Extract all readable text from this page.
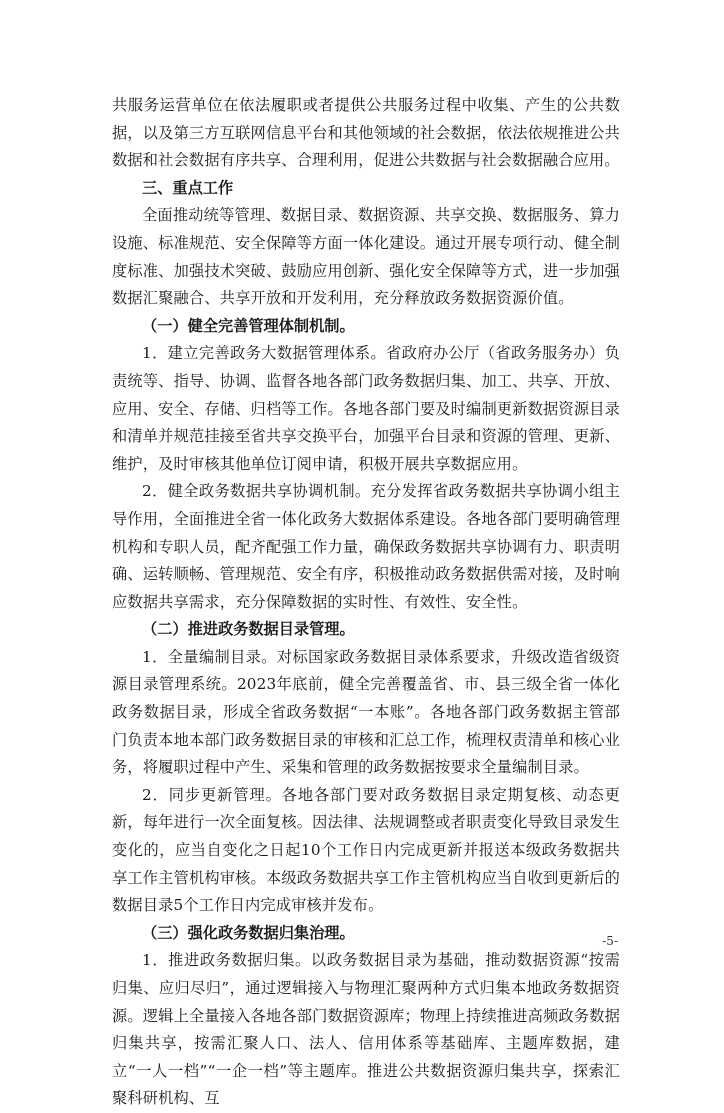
共服务运营单位在依法履职或者提供公共服务过程中收集、产生的公共数据，以及第三方互联网信息平台和其他领域的社会数据，依法依规推进公共数据和社会数据有序共享、合理利用，促进公共数据与社会数据融合应用。

三、重点工作

全面推动统等管理、数据目录、数据资源、共享交换、数据服务、算力设施、标准规范、安全保障等方面一体化建设。通过开展专项行动、健全制度标准、加强技术突破、鼓励应用创新、强化安全保障等方式，进一步加强数据汇聚融合、共享开放和开发利用，充分释放政务数据资源价值。

（一）健全完善管理体制机制。

1．建立完善政务大数据管理体系。省政府办公厅（省政务服务办）负责统等、指导、协调、监督各地各部门政务数据归集、加工、共享、开放、应用、安全、存储、归档等工作。各地各部门要及时编制更新数据资源目录和清单并规范挂接至省共享交换平台，加强平台目录和资源的管理、更新、维护，及时审核其他单位订阅申请，积极开展共享数据应用。

2．健全政务数据共享协调机制。充分发挥省政务数据共享协调小组主导作用，全面推进全省一体化政务大数据体系建设。各地各部门要明确管理机构和专职人员，配齐配强工作力量，确保政务数据共享协调有力、职责明确、运转顺畅、管理规范、安全有序，积极推动政务数据供需对接，及时响应数据共享需求，充分保障数据的实时性、有效性、安全性。

（二）推进政务数据目录管理。

1．全量编制目录。对标国家政务数据目录体系要求，升级改造省级资源目录管理系统。2023年底前，健全完善覆盖省、市、县三级全省一体化政务数据目录，形成全省政务数据“一本账”。各地各部门政务数据主管部门负责本地本部门政务数据目录的审核和汇总工作，梳理权责清单和核心业务，将履职过程中产生、采集和管理的政务数据按要求全量编制目录。

2．同步更新管理。各地各部门要对政务数据目录定期复核、动态更新，每年进行一次全面复核。因法律、法规调整或者职责变化导致目录发生变化的，应当自变化之日起10个工作日内完成更新并报送本级政务数据共享工作主管机构审核。本级政务数据共享工作主管机构应当自收到更新后的数据目录5个工作日内完成审核并发布。

（三）强化政务数据归集治理。

1．推进政务数据归集。以政务数据目录为基础，推动数据资源“按需归集、应归尽归”，通过逻辑接入与物理汇聚两种方式归集本地政务数据资源。逻辑上全量接入各地各部门数据资源库；物理上持续推进高频政务数据归集共享，按需汇聚人口、法人、信用体系等基础库、主题库数据，建立“一人一档”“一企一档”等主题库。推进公共数据资源归集共享，探索汇聚科研机构、互

-5-
